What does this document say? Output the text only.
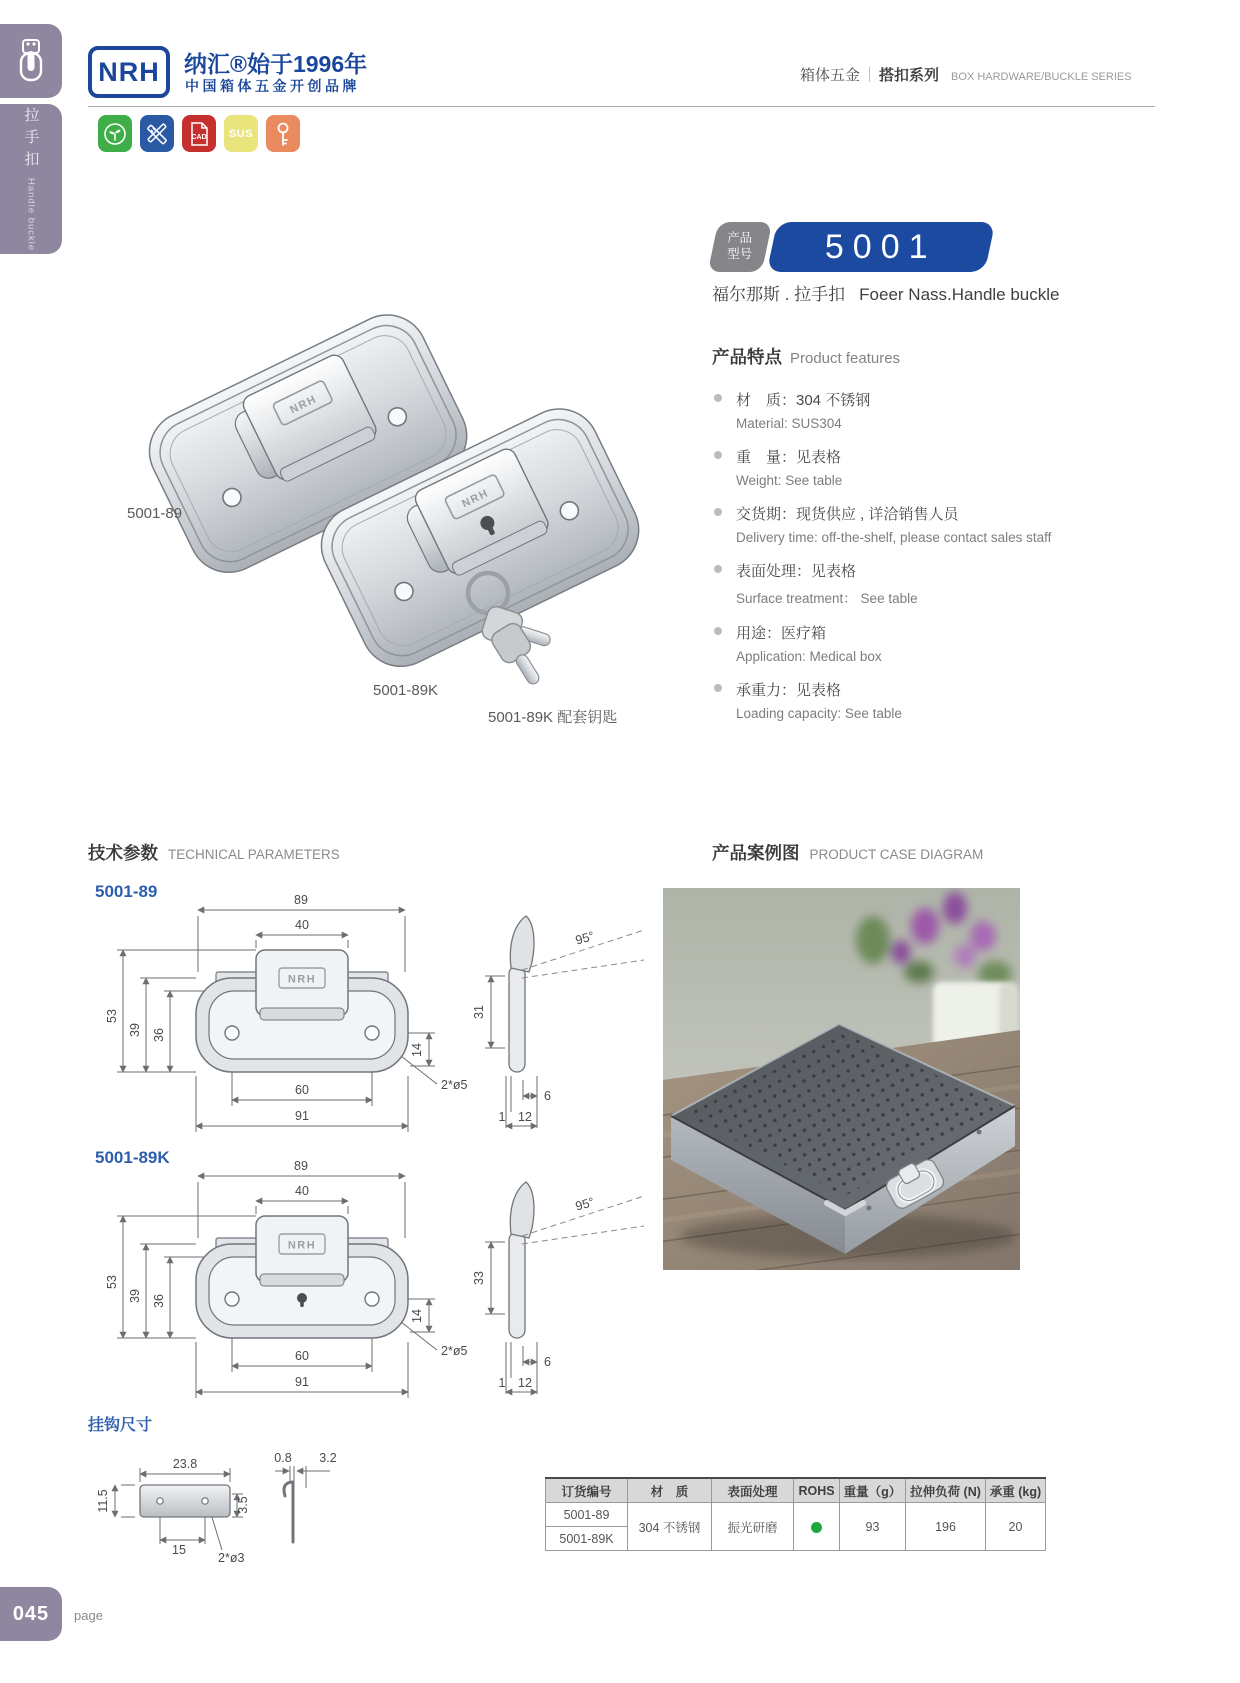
拉手扣
Handle buckle
NRH 纳汇®始于1996年
中国箱体五金开创品牌
箱体五金 ｜ 搭扣系列 BOX HARDWARE/BUCKLE SERIES
CAD SUS
产品
型号 5001
福尔那斯 . 拉手扣 Foeer Nass.Handle buckle
产品特点 Product features
材　质：304 不锈钢
Material: SUS304
重　量：见表格
Weight: See table
交货期：现货供应 , 详洽销售人员
Delivery time: off-the-shelf, please contact sales staff
表面处理：见表格
Surface treatment： See table
用途：医疗箱
Application: Medical box
承重力：见表格
Loading capacity: See table
NRH
5001-89
5001-89K
5001-89K 配套钥匙
技术参数 TECHNICAL PARAMETERS	产品案例图 PRODUCT CASE DIAGRAM
5001-89
NRH
89
40
53
39 36
60
91
14
2*ø5
31
95°
1 12
6
5001-89K
NRH
89
40
53
39 36
60
91
14
2*ø5
33
95°
1 12
6
挂钩尺寸
23.8
11.5	3.5
15
2*ø3
0.8 3.2
订货编号	材　质	表面处理	ROHS	重量（g）	拉伸负荷 (N)	承重 (kg)
5001-89	304 不锈钢	振光研磨		93	196	20
5001-89K						
045 page
